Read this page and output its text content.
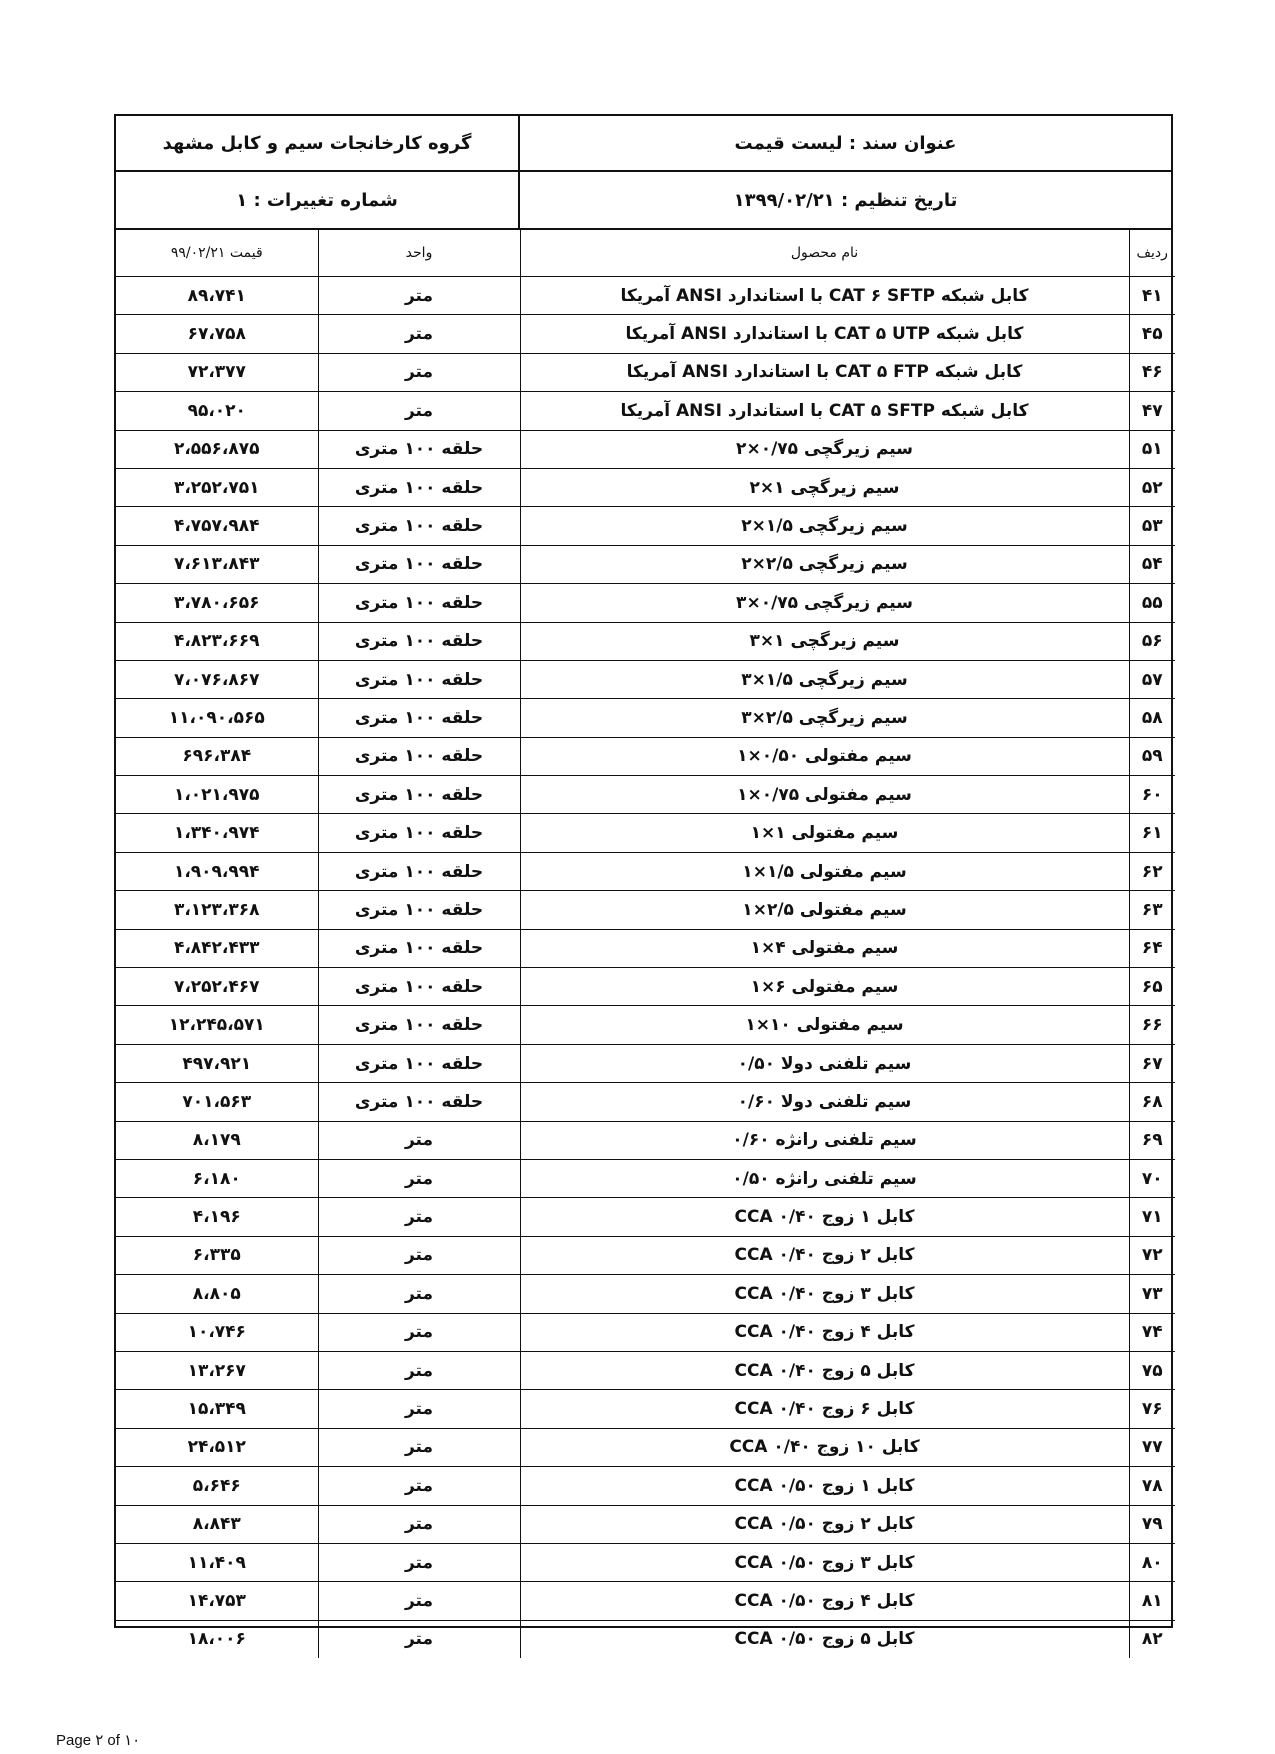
گروه کارخانجات سیم و کابل مشهد	عنوان سند : لیست قیمت
شماره تغییرات : ۱	تاریخ تنظیم : ۱۳۹۹/۰۲/۲۱
قیمت ۹۹/۰۲/۲۱	واحد	نام محصول	ردیف
۸۹،۷۴۱	متر	کابل شبکه CAT ۶ SFTP با استاندارد ANSI آمریکا	۴۱
۶۷،۷۵۸	متر	کابل شبکه CAT ۵ UTP با استاندارد ANSI آمریکا	۴۵
۷۲،۳۷۷	متر	کابل شبکه CAT ۵ FTP با استاندارد ANSI آمریکا	۴۶
۹۵،۰۲۰	متر	کابل شبکه CAT ۵ SFTP با استاندارد ANSI آمریکا	۴۷
۲،۵۵۶،۸۷۵	حلقه ۱۰۰ متری	سیم زیرگچی ۰/۷۵×۲	۵۱
۳،۲۵۲،۷۵۱	حلقه ۱۰۰ متری	سیم زیرگچی ۱×۲	۵۲
۴،۷۵۷،۹۸۴	حلقه ۱۰۰ متری	سیم زیرگچی ۱/۵×۲	۵۳
۷،۶۱۳،۸۴۳	حلقه ۱۰۰ متری	سیم زیرگچی ۲/۵×۲	۵۴
۳،۷۸۰،۶۵۶	حلقه ۱۰۰ متری	سیم زیرگچی ۰/۷۵×۳	۵۵
۴،۸۲۳،۶۶۹	حلقه ۱۰۰ متری	سیم زیرگچی ۱×۳	۵۶
۷،۰۷۶،۸۶۷	حلقه ۱۰۰ متری	سیم زیرگچی ۱/۵×۳	۵۷
۱۱،۰۹۰،۵۶۵	حلقه ۱۰۰ متری	سیم زیرگچی ۲/۵×۳	۵۸
۶۹۶،۳۸۴	حلقه ۱۰۰ متری	سیم مفتولی ۰/۵۰×۱	۵۹
۱،۰۲۱،۹۷۵	حلقه ۱۰۰ متری	سیم مفتولی ۰/۷۵×۱	۶۰
۱،۳۴۰،۹۷۴	حلقه ۱۰۰ متری	سیم مفتولی ۱×۱	۶۱
۱،۹۰۹،۹۹۴	حلقه ۱۰۰ متری	سیم مفتولی ۱/۵×۱	۶۲
۳،۱۲۳،۳۶۸	حلقه ۱۰۰ متری	سیم مفتولی ۲/۵×۱	۶۳
۴،۸۴۲،۴۳۳	حلقه ۱۰۰ متری	سیم مفتولی ۴×۱	۶۴
۷،۲۵۲،۴۶۷	حلقه ۱۰۰ متری	سیم مفتولی ۶×۱	۶۵
۱۲،۲۴۵،۵۷۱	حلقه ۱۰۰ متری	سیم مفتولی ۱۰×۱	۶۶
۴۹۷،۹۲۱	حلقه ۱۰۰ متری	سیم تلفنی دولا ۰/۵۰	۶۷
۷۰۱،۵۶۳	حلقه ۱۰۰ متری	سیم تلفنی دولا ۰/۶۰	۶۸
۸،۱۷۹	متر	سیم تلفنی رانژه ۰/۶۰	۶۹
۶،۱۸۰	متر	سیم تلفنی رانژه ۰/۵۰	۷۰
۴،۱۹۶	متر	کابل ۱ زوج ۰/۴۰ CCA	۷۱
۶،۳۳۵	متر	کابل ۲ زوج ۰/۴۰ CCA	۷۲
۸،۸۰۵	متر	کابل ۳ زوج ۰/۴۰ CCA	۷۳
۱۰،۷۴۶	متر	کابل ۴ زوج ۰/۴۰ CCA	۷۴
۱۳،۲۶۷	متر	کابل ۵ زوج ۰/۴۰ CCA	۷۵
۱۵،۳۴۹	متر	کابل ۶ زوج ۰/۴۰ CCA	۷۶
۲۴،۵۱۲	متر	کابل ۱۰ زوج ۰/۴۰ CCA	۷۷
۵،۶۴۶	متر	کابل ۱ زوج ۰/۵۰ CCA	۷۸
۸،۸۴۳	متر	کابل ۲ زوج ۰/۵۰ CCA	۷۹
۱۱،۴۰۹	متر	کابل ۳ زوج ۰/۵۰ CCA	۸۰
۱۴،۷۵۳	متر	کابل ۴ زوج ۰/۵۰ CCA	۸۱
۱۸،۰۰۶	متر	کابل ۵ زوج ۰/۵۰ CCA	۸۲
Page ۲ of ۱۰
